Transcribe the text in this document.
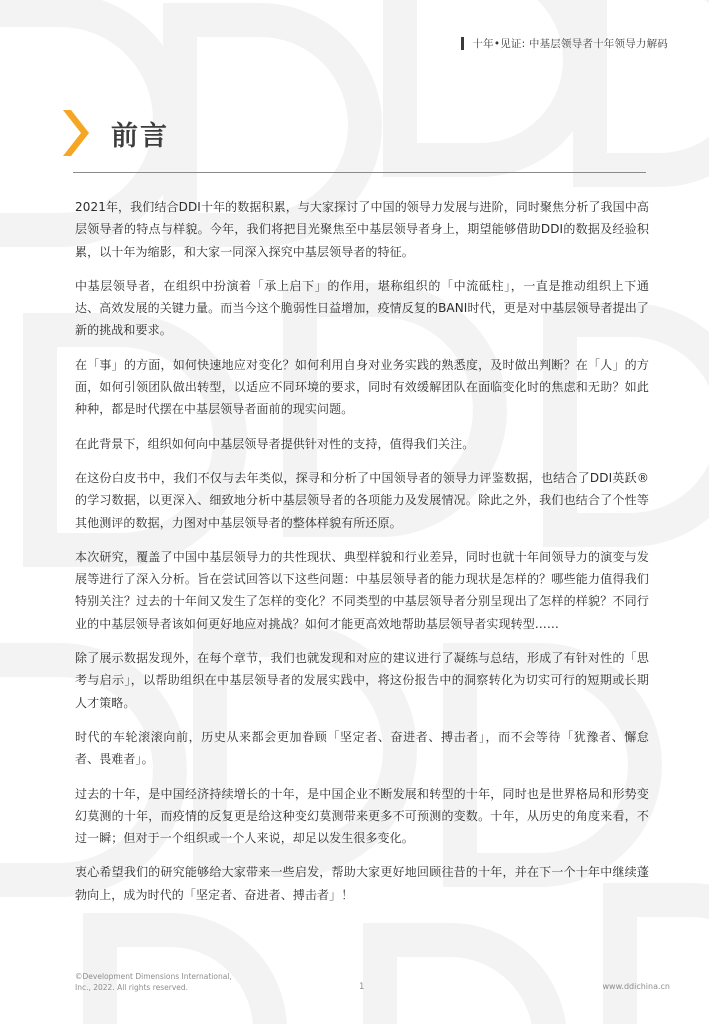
十年•见证: 中基层领导者十年领导力解码
前言

2021年，我们结合DDI十年的数据积累，与大家探讨了中国的领导力发展与进阶，同时聚焦分析了我国中高层领导者的特点与样貌。今年，我们将把目光聚焦至中基层领导者身上，期望能够借助DDI的数据及经验积累，以十年为缩影，和大家一同深入探究中基层领导者的特征。

中基层领导者，在组织中扮演着「承上启下」的作用，堪称组织的「中流砥柱」，一直是推动组织上下通达、高效发展的关键力量。而当今这个脆弱性日益增加，疫情反复的BANI时代，更是对中基层领导者提出了新的挑战和要求。

在「事」的方面，如何快速地应对变化？如何利用自身对业务实践的熟悉度，及时做出判断？在「人」的方面，如何引领团队做出转型，以适应不同环境的要求，同时有效缓解团队在面临变化时的焦虑和无助？如此种种，都是时代摆在中基层领导者面前的现实问题。

在此背景下，组织如何向中基层领导者提供针对性的支持，值得我们关注。

在这份白皮书中，我们不仅与去年类似，探寻和分析了中国领导者的领导力评鉴数据，也结合了DDI英跃®的学习数据，以更深入、细致地分析中基层领导者的各项能力及发展情况。除此之外，我们也结合了个性等其他测评的数据，力图对中基层领导者的整体样貌有所还原。

本次研究，覆盖了中国中基层领导力的共性现状、典型样貌和行业差异，同时也就十年间领导力的演变与发展等进行了深入分析。旨在尝试回答以下这些问题：中基层领导者的能力现状是怎样的？哪些能力值得我们特别关注？过去的十年间又发生了怎样的变化？不同类型的中基层领导者分别呈现出了怎样的样貌？不同行业的中基层领导者该如何更好地应对挑战？如何才能更高效地帮助基层领导者实现转型……

除了展示数据发现外，在每个章节，我们也就发现和对应的建议进行了凝练与总结，形成了有针对性的「思考与启示」，以帮助组织在中基层领导者的发展实践中，将这份报告中的洞察转化为切实可行的短期或长期人才策略。

时代的车轮滚滚向前，历史从来都会更加眷顾「坚定者、奋进者、搏击者」，而不会等待「犹豫者、懈怠者、畏难者」。

过去的十年，是中国经济持续增长的十年，是中国企业不断发展和转型的十年，同时也是世界格局和形势变幻莫测的十年，而疫情的反复更是给这种变幻莫测带来更多不可预测的变数。十年，从历史的角度来看，不过一瞬；但对于一个组织或一个人来说，却足以发生很多变化。

衷心希望我们的研究能够给大家带来一些启发，帮助大家更好地回顾往昔的十年，并在下一个十年中继续蓬勃向上，成为时代的「坚定者、奋进者、搏击者」！

©Development Dimensions International,
Inc., 2022. All rights reserved.	1	www.ddichina.cn
